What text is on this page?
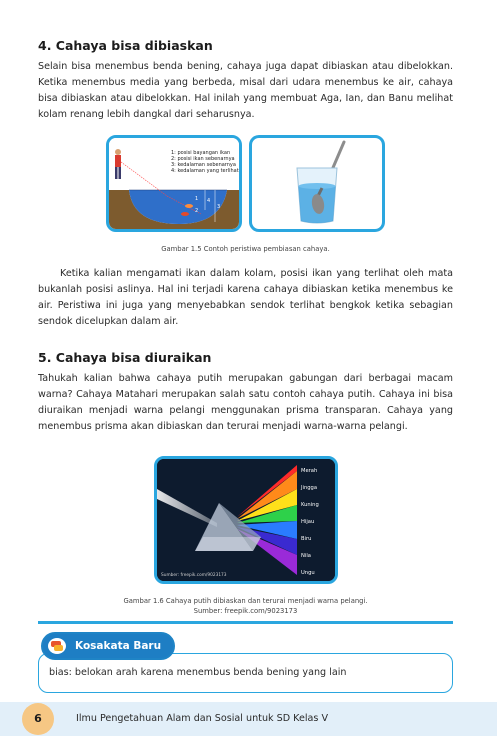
4. Cahaya bisa dibiaskan
Selain bisa menembus benda bening, cahaya juga dapat dibiaskan atau dibelokkan. Ketika menembus media yang berbeda, misal dari udara menembus ke air, cahaya bisa dibiaskan atau dibelokkan. Hal inilah yang membuat Aga, Ian, dan Banu melihat kolam renang lebih dangkal dari seharusnya.
1: posisi bayangan ikan
2: posisi ikan sebenarnya
3: kedalaman sebenarnya
4: kedalaman yang terlihat
1
2
3
4
Gambar 1.5 Contoh peristiwa pembiasan cahaya.
Ketika kalian mengamati ikan dalam kolam, posisi ikan yang terlihat oleh mata bukanlah posisi aslinya. Hal ini terjadi karena cahaya dibiaskan ketika menembus ke air. Peristiwa ini juga yang menyebabkan sendok terlihat bengkok ketika sebagian sendok dicelupkan dalam air.
5. Cahaya bisa diuraikan
Tahukah kalian bahwa cahaya putih merupakan gabungan dari berbagai macam warna? Cahaya Matahari merupakan salah satu contoh cahaya putih. Cahaya ini bisa diuraikan menjadi warna pelangi menggunakan prisma transparan. Cahaya yang menembus prisma akan dibiaskan dan terurai menjadi warna-warna pelangi.
Merah
Jingga
Kuning
Hijau
Biru
Nila
Ungu
Sumber: freepik.com/9023173
Gambar 1.6 Cahaya putih dibiaskan dan terurai menjadi warna pelangi.
Sumber: freepik.com/9023173
bias: belokan arah karena menembus benda bening yang lain
Kosakata Baru
6	Ilmu Pengetahuan Alam dan Sosial untuk SD Kelas V
